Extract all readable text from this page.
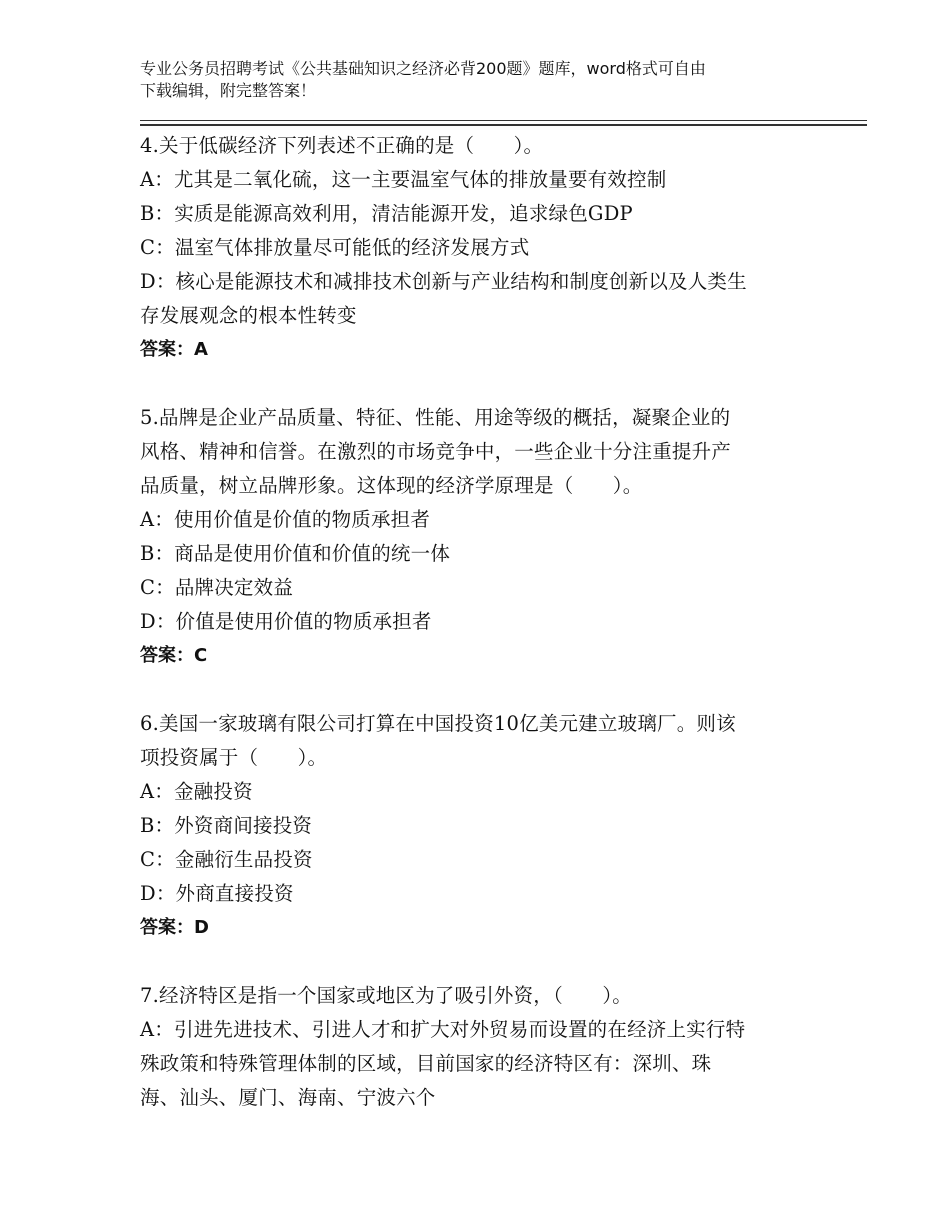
专业公务员招聘考试《公共基础知识之经济必背200题》题库，word格式可自由
下载编辑，附完整答案！
4.关于低碳经济下列表述不正确的是（　　）。
A：尤其是二氧化硫，这一主要温室气体的排放量要有效控制
B：实质是能源高效利用，清洁能源开发，追求绿色GDP
C：温室气体排放量尽可能低的经济发展方式
D：核心是能源技术和减排技术创新与产业结构和制度创新以及人类生
存发展观念的根本性转变
答案：A
5.品牌是企业产品质量、特征、性能、用途等级的概括，凝聚企业的
风格、精神和信誉。在激烈的市场竞争中，一些企业十分注重提升产
品质量，树立品牌形象。这体现的经济学原理是（　　）。
A：使用价值是价值的物质承担者
B：商品是使用价值和价值的统一体
C：品牌决定效益
D：价值是使用价值的物质承担者
答案：C
6.美国一家玻璃有限公司打算在中国投资10亿美元建立玻璃厂。则该
项投资属于（　　）。
A：金融投资
B：外资商间接投资
C：金融衍生品投资
D：外商直接投资
答案：D
7.经济特区是指一个国家或地区为了吸引外资，（　　）。
A：引进先进技术、引进人才和扩大对外贸易而设置的在经济上实行特
殊政策和特殊管理体制的区域，目前国家的经济特区有：深圳、珠
海、汕头、厦门、海南、宁波六个
